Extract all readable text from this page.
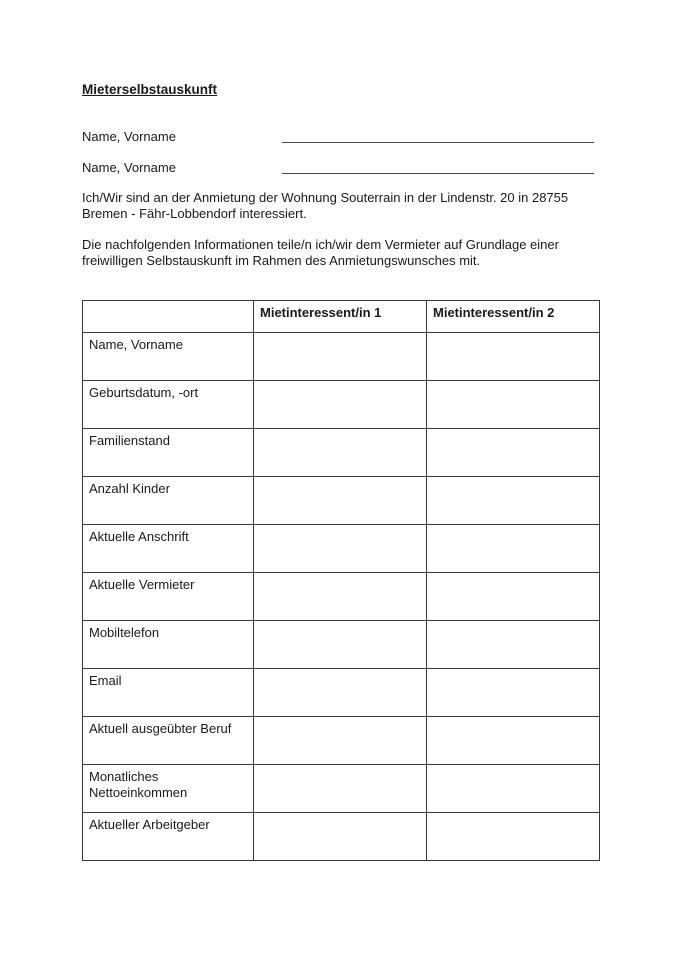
Mieterselbstauskunft
Name, Vorname
Name, Vorname

Ich/Wir sind an der Anmietung der Wohnung Souterrain in der Lindenstr. 20 in 28755 Bremen - Fähr-Lobbendorf interessiert.

Die nachfolgenden Informationen teile/n ich/wir dem Vermieter auf Grundlage einer freiwilligen Selbstauskunft im Rahmen des Anmietungswunsches mit.

	Mietinteressent/in 1	Mietinteressent/in 2
Name, Vorname		
Geburtsdatum, -ort		
Familienstand		
Anzahl Kinder		
Aktuelle Anschrift		
Aktuelle Vermieter		
Mobiltelefon		
Email		
Aktuell ausgeübter Beruf		
Monatliches Nettoeinkommen		
Aktueller Arbeitgeber		
